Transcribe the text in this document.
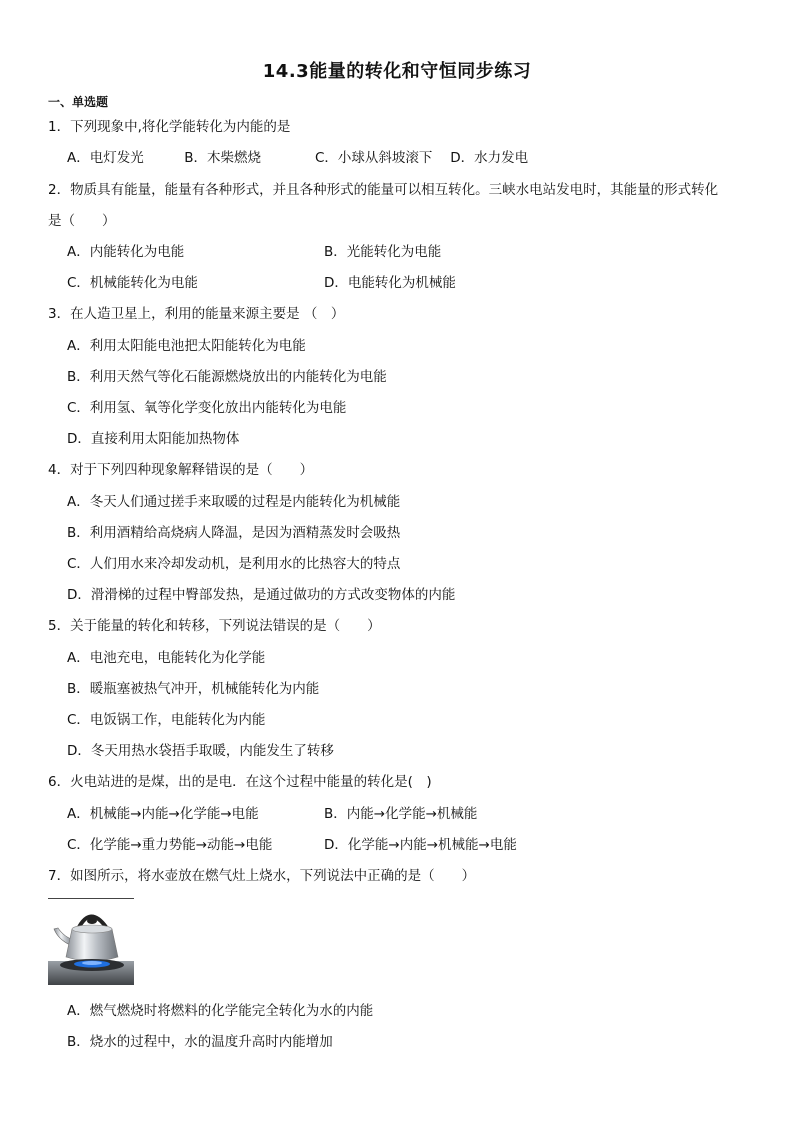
14.3能量的转化和守恒同步练习
一、单选题
1．下列现象中,将化学能转化为内能的是
A．电灯发光　　　B．木柴燃烧　　　　C．小球从斜坡滚下　 D．水力发电
2．物质具有能量，能量有各种形式，并且各种形式的能量可以相互转化。三峡水电站发电时，其能量的形式转化
是（　　）
A．内能转化为电能	B．光能转化为电能
C．机械能转化为电能	D．电能转化为机械能
3．在人造卫星上，利用的能量来源主要是 （　）
A．利用太阳能电池把太阳能转化为电能
B．利用天然气等化石能源燃烧放出的内能转化为电能
C．利用氢、氧等化学变化放出内能转化为电能
D．直接利用太阳能加热物体
4．对于下列四种现象解释错误的是（　　）
A．冬天人们通过搓手来取暖的过程是内能转化为机械能
B．利用酒精给高烧病人降温，是因为酒精蒸发时会吸热
C．人们用水来冷却发动机，是利用水的比热容大的特点
D．滑滑梯的过程中臀部发热，是通过做功的方式改变物体的内能
5．关于能量的转化和转移，下列说法错误的是（　　）
A．电池充电，电能转化为化学能
B．暖瓶塞被热气冲开，机械能转化为内能
C．电饭锅工作，电能转化为内能
D．冬天用热水袋捂手取暖，内能发生了转移
6．火电站进的是煤，出的是电．在这个过程中能量的转化是(　)
A．机械能→内能→化学能→电能	B．内能→化学能→机械能
C．化学能→重力势能→动能→电能	D．化学能→内能→机械能→电能
7．如图所示，将水壶放在燃气灶上烧水，下列说法中正确的是（　　）
A．燃气燃烧时将燃料的化学能完全转化为水的内能
B．烧水的过程中，水的温度升高时内能增加
